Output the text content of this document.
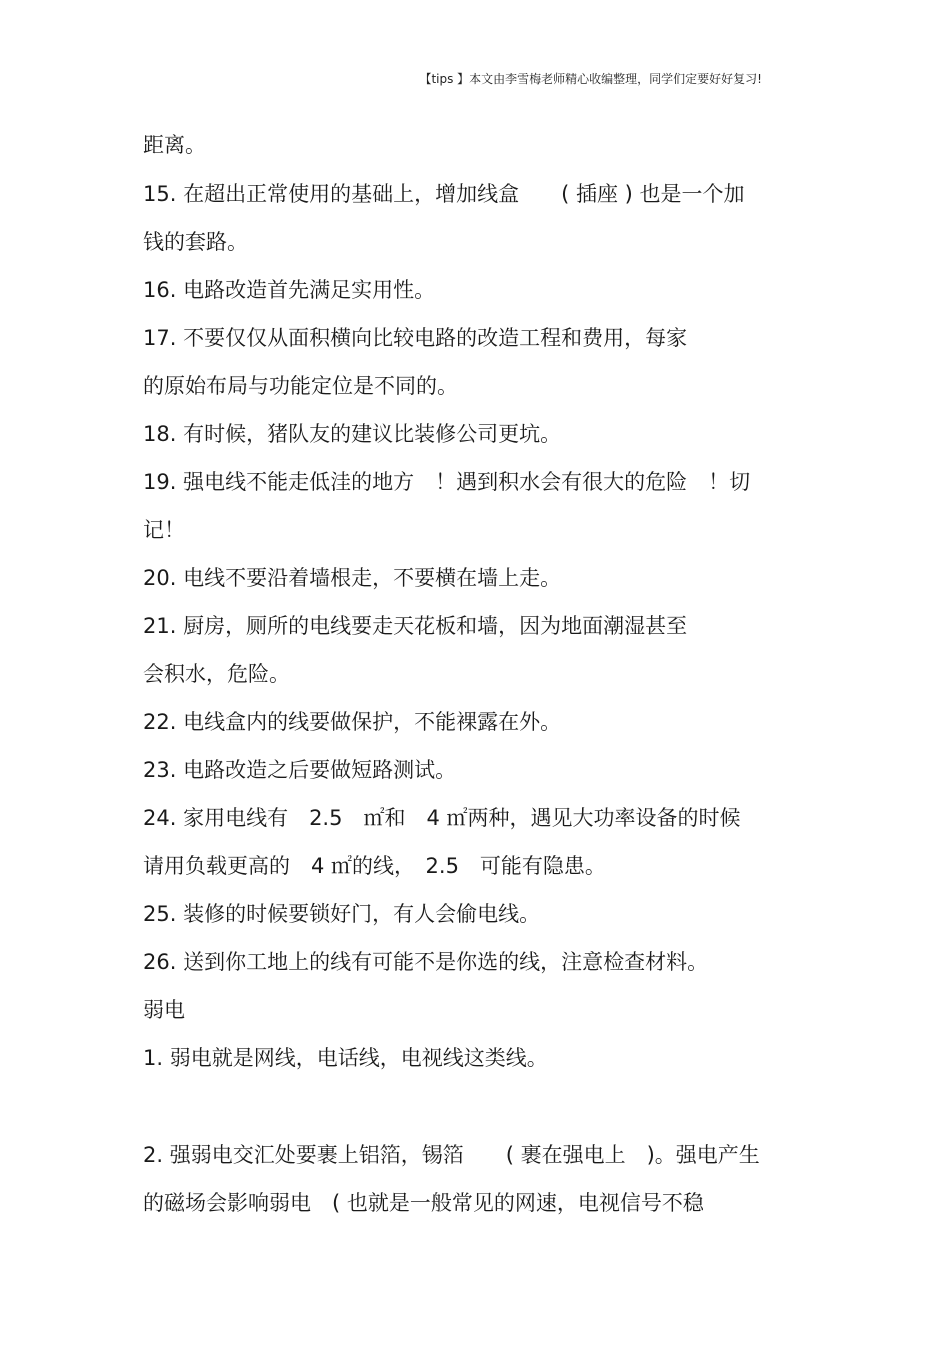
【tips 】本文由李雪梅老师精心收编整理，同学们定要好好复习!
距离。
15. 在超出正常使用的基础上，增加线盒　　( 插座 ) 也是一个加
钱的套路。
16. 电路改造首先满足实用性。
17. 不要仅仅从面积横向比较电路的改造工程和费用，每家
的原始布局与功能定位是不同的。
18. 有时候，猪队友的建议比装修公司更坑。
19. 强电线不能走低洼的地方　！遇到积水会有很大的危险　！切
记！
20. 电线不要沿着墙根走，不要横在墙上走。
21. 厨房，厕所的电线要走天花板和墙，因为地面潮湿甚至
会积水，危险。
22. 电线盒内的线要做保护，不能裸露在外。
23. 电路改造之后要做短路测试。
24. 家用电线有　2.5　㎡和　4 ㎡两种，遇见大功率设备的时候
请用负载更高的　4 ㎡的线，　2.5　可能有隐患。
25. 装修的时候要锁好门，有人会偷电线。
26. 送到你工地上的线有可能不是你选的线，注意检查材料。
弱电
1. 弱电就是网线，电话线，电视线这类线。
2. 强弱电交汇处要裹上铝箔，锡箔　　( 裹在强电上　)。强电产生
的磁场会影响弱电　( 也就是一般常见的网速，电视信号不稳
